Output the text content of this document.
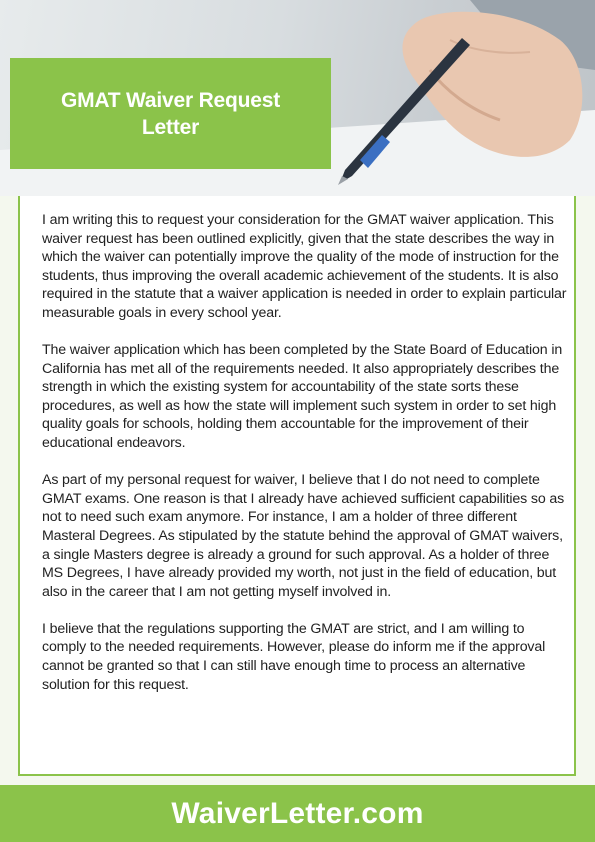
GMAT Waiver Request Letter

I am writing this to request your consideration for the GMAT waiver application. This waiver request has been outlined explicitly, given that the state describes the way in which the waiver can potentially improve the quality of the mode of instruction for the students, thus improving the overall academic achievement of the students. It is also required in the statute that a waiver application is needed in order to explain particular measurable goals in every school year.

The waiver application which has been completed by the State Board of Education in California has met all of the requirements needed. It also appropriately describes the strength in which the existing system for accountability of the state sorts these procedures, as well as how the state will implement such system in order to set high quality goals for schools, holding them accountable for the improvement of their educational endeavors.

As part of my personal request for waiver, I believe that I do not need to complete GMAT exams. One reason is that I already have achieved sufficient capabilities so as not to need such exam anymore. For instance, I am a holder of three different Masteral Degrees. As stipulated by the statute behind the approval of GMAT waivers, a single Masters degree is already a ground for such approval. As a holder of three MS Degrees, I have already provided my worth, not just in the field of education, but also in the career that I am not getting myself involved in.

I believe that the regulations supporting the GMAT are strict, and I am willing to comply to the needed requirements. However, please do inform me if the approval cannot be granted so that I can still have enough time to process an alternative solution for this request.

WaiverLetter.com
